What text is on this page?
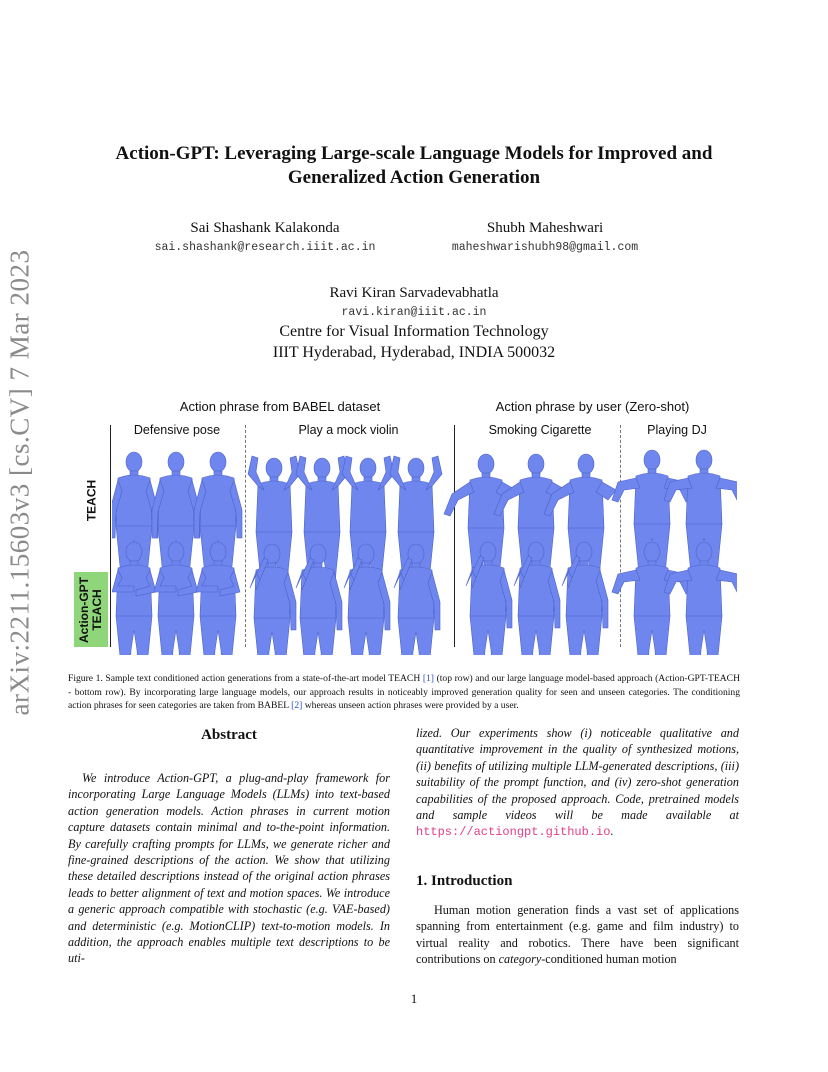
arXiv:2211.15603v3 [cs.CV] 7 Mar 2023
Action-GPT: Leveraging Large-scale Language Models for Improved and
Generalized Action Generation
Sai Shashank Kalakonda
sai.shashank@research.iiit.ac.in
Shubh Maheshwari
maheshwarishubh98@gmail.com
Ravi Kiran Sarvadevabhatla
ravi.kiran@iiit.ac.in
Centre for Visual Information Technology
IIIT Hyderabad, Hyderabad, INDIA 500032
Action phrase from BABEL dataset	Action phrase by user (Zero-shot)
Defensive pose	Play a mock violin	Smoking Cigarette	Playing DJ
TEACH
Action-GPT TEACH
Figure 1. Sample text conditioned action generations from a state-of-the-art model TEACH [1] (top row) and our large language model-based approach (Action-GPT-TEACH - bottom row). By incorporating large language models, our approach results in noticeably improved generation quality for seen and unseen categories. The conditioning action phrases for seen categories are taken from BABEL [2] whereas unseen action phrases were provided by a user.
Abstract
We introduce Action-GPT, a plug-and-play framework for incorporating Large Language Models (LLMs) into text-based action generation models. Action phrases in current motion capture datasets contain minimal and to-the-point information. By carefully crafting prompts for LLMs, we generate richer and fine-grained descriptions of the action. We show that utilizing these detailed descriptions instead of the original action phrases leads to better alignment of text and motion spaces. We introduce a generic approach compatible with stochastic (e.g. VAE-based) and deterministic (e.g. MotionCLIP) text-to-motion models. In addition, the approach enables multiple text descriptions to be uti-
lized. Our experiments show (i) noticeable qualitative and quantitative improvement in the quality of synthesized motions, (ii) benefits of utilizing multiple LLM-generated descriptions, (iii) suitability of the prompt function, and (iv) zero-shot generation capabilities of the proposed approach. Code, pretrained models and sample videos will be made available at https://actiongpt.github.io.
1. Introduction
Human motion generation finds a vast set of applications spanning from entertainment (e.g. game and film industry) to virtual reality and robotics. There have been significant contributions on category-conditioned human motion
1
